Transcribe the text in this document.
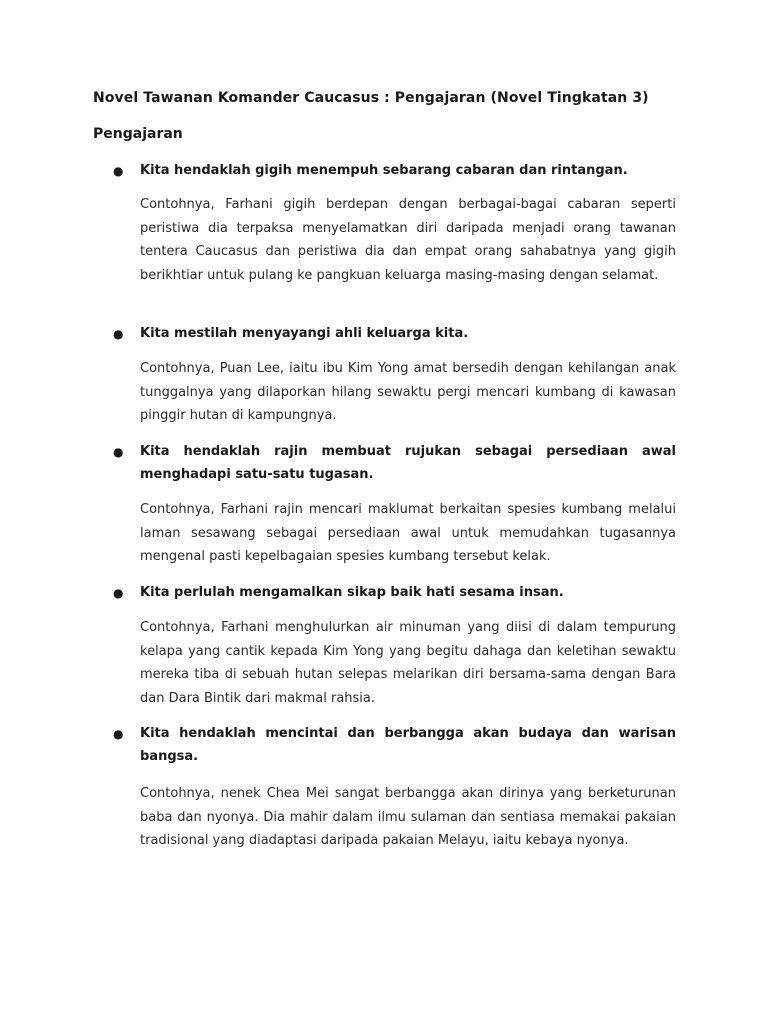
Novel Tawanan Komander Caucasus : Pengajaran (Novel Tingkatan 3)
Pengajaran
● Kita hendaklah gigih menempuh sebarang cabaran dan rintangan.
Contohnya, Farhani gigih berdepan dengan berbagai-bagai cabaran seperti peristiwa dia terpaksa menyelamatkan diri daripada menjadi orang tawanan tentera Caucasus dan peristiwa dia dan empat orang sahabatnya yang gigih berikhtiar untuk pulang ke pangkuan keluarga masing-masing dengan selamat.
● Kita mestilah menyayangi ahli keluarga kita.
Contohnya, Puan Lee, iaitu ibu Kim Yong amat bersedih dengan kehilangan anak tunggalnya yang dilaporkan hilang sewaktu pergi mencari kumbang di kawasan pinggir hutan di kampungnya.
● Kita hendaklah rajin membuat rujukan sebagai persediaan awal menghadapi satu-satu tugasan.
Contohnya, Farhani rajin mencari maklumat berkaitan spesies kumbang melalui laman sesawang sebagai persediaan awal untuk memudahkan tugasannya mengenal pasti kepelbagaian spesies kumbang tersebut kelak.
● Kita perlulah mengamalkan sikap baik hati sesama insan.
Contohnya, Farhani menghulurkan air minuman yang diisi di dalam tempurung kelapa yang cantik kepada Kim Yong yang begitu dahaga dan keletihan sewaktu mereka tiba di sebuah hutan selepas melarikan diri bersama-sama dengan Bara dan Dara Bintik dari makmal rahsia.
● Kita hendaklah mencintai dan berbangga akan budaya dan warisan bangsa.
Contohnya, nenek Chea Mei sangat berbangga akan dirinya yang berketurunan baba dan nyonya. Dia mahir dalam ilmu sulaman dan sentiasa memakai pakaian tradisional yang diadaptasi daripada pakaian Melayu, iaitu kebaya nyonya.
